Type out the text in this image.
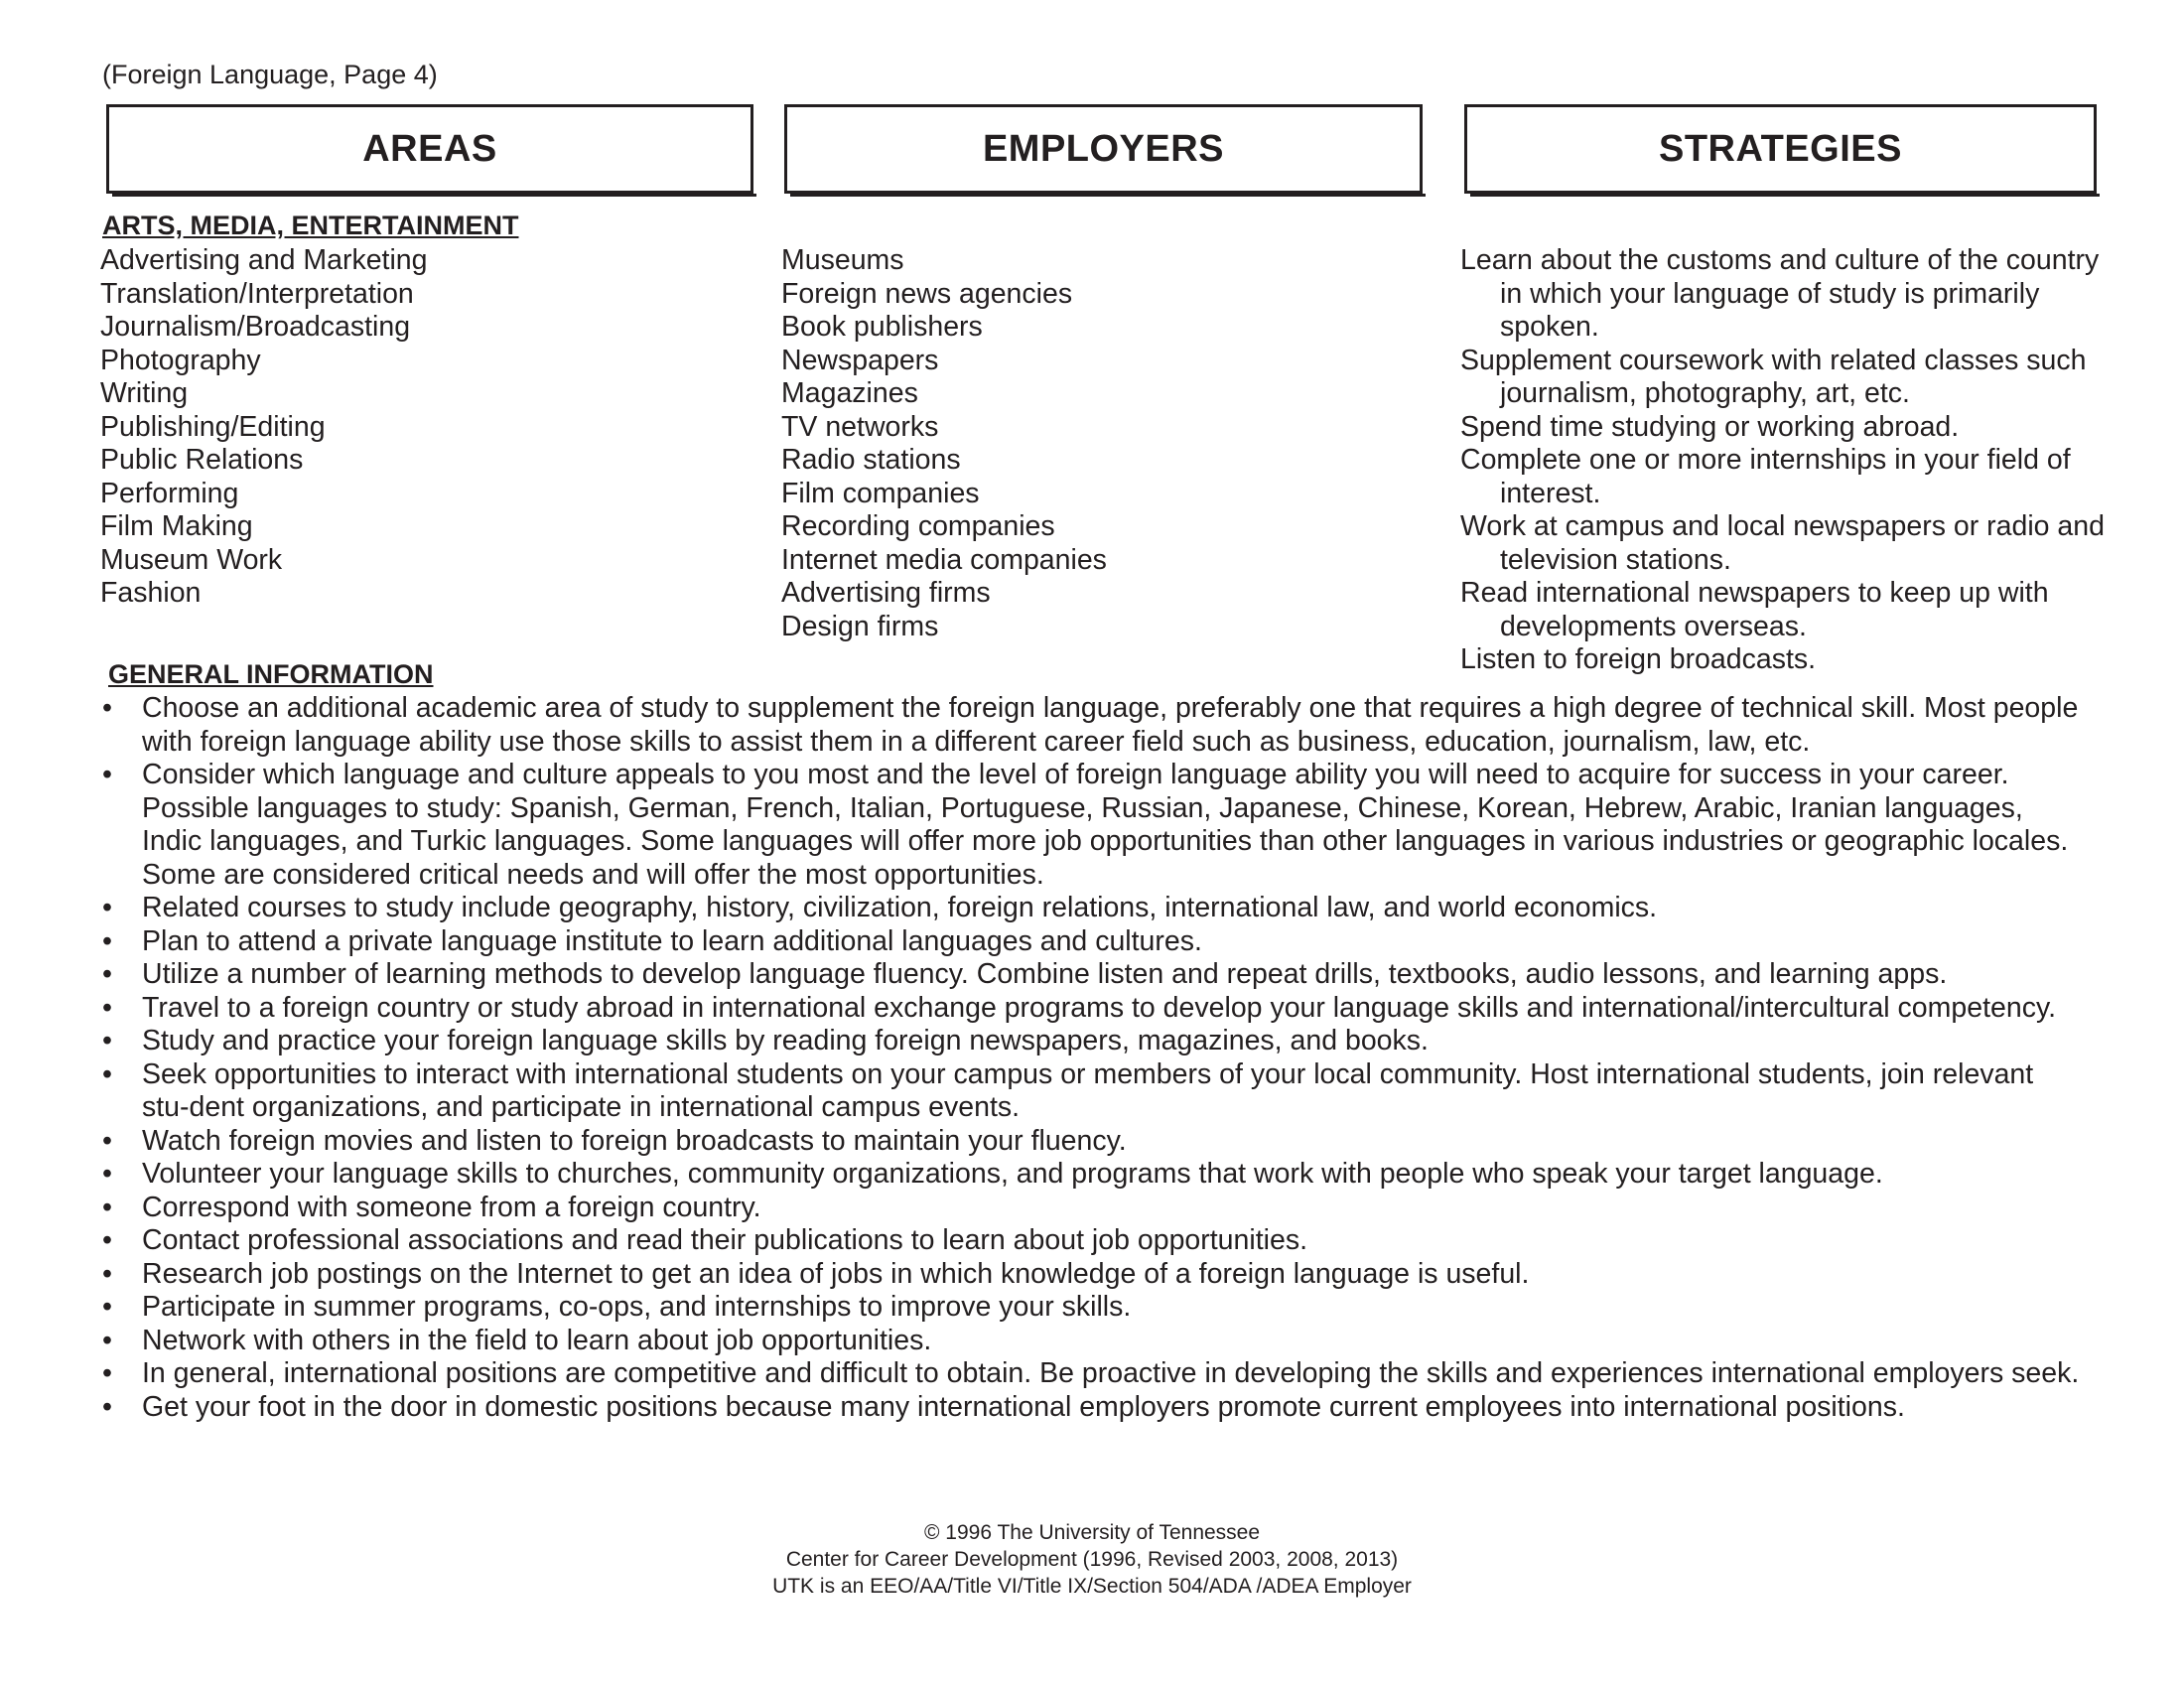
(Foreign Language, Page 4)
AREAS	EMPLOYERS	STRATEGIES
ARTS, MEDIA, ENTERTAINMENT
Advertising and Marketing
Translation/Interpretation
Journalism/Broadcasting
Photography
Writing
Publishing/Editing
Public Relations
Performing
Film Making
Museum Work
Fashion
Museums
Foreign news agencies
Book publishers
Newspapers
Magazines
TV networks
Radio stations
Film companies
Recording companies
Internet media companies
Advertising firms
Design firms
Learn about the customs and culture of the country in which your language of study is primarily spoken.
Supplement coursework with related classes such journalism, photography, art, etc.
Spend time studying or working abroad.
Complete one or more internships in your field of interest.
Work at campus and local newspapers or radio and television stations.
Read international newspapers to keep up with developments overseas.
Listen to foreign broadcasts.
GENERAL INFORMATION
• Choose an additional academic area of study to supplement the foreign language, preferably one that requires a high degree of technical skill. Most people with foreign language ability use those skills to assist them in a different career field such as business, education, journalism, law, etc.
• Consider which language and culture appeals to you most and the level of foreign language ability you will need to acquire for success in your career. Possible languages to study: Spanish, German, French, Italian, Portuguese, Russian, Japanese, Chinese, Korean, Hebrew, Arabic, Iranian languages, Indic languages, and Turkic languages. Some languages will offer more job opportunities than other languages in various industries or geographic locales. Some are considered critical needs and will offer the most opportunities.
• Related courses to study include geography, history, civilization, foreign relations, international law, and world economics.
• Plan to attend a private language institute to learn additional languages and cultures.
• Utilize a number of learning methods to develop language fluency. Combine listen and repeat drills, textbooks, audio lessons, and learning apps.
• Travel to a foreign country or study abroad in international exchange programs to develop your language skills and international/intercultural competency.
• Study and practice your foreign language skills by reading foreign newspapers, magazines, and books.
• Seek opportunities to interact with international students on your campus or members of your local community. Host international students, join relevant stu-dent organizations, and participate in international campus events.
• Watch foreign movies and listen to foreign broadcasts to maintain your fluency.
• Volunteer your language skills to churches, community organizations, and programs that work with people who speak your target language.
• Correspond with someone from a foreign country.
• Contact professional associations and read their publications to learn about job opportunities.
• Research job postings on the Internet to get an idea of jobs in which knowledge of a foreign language is useful.
• Participate in summer programs, co-ops, and internships to improve your skills.
• Network with others in the field to learn about job opportunities.
• In general, international positions are competitive and difficult to obtain. Be proactive in developing the skills and experiences international employers seek.
• Get your foot in the door in domestic positions because many international employers promote current employees into international positions.
© 1996 The University of Tennessee
Center for Career Development (1996, Revised 2003, 2008, 2013)
UTK is an EEO/AA/Title VI/Title IX/Section 504/ADA /ADEA Employer
